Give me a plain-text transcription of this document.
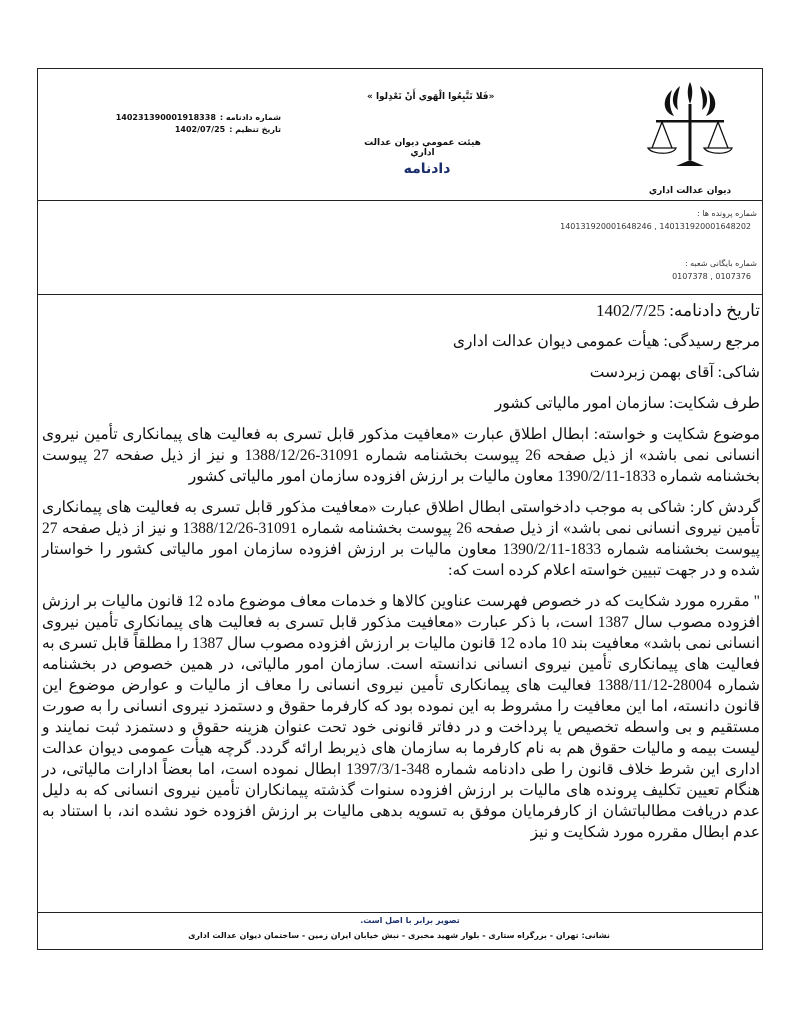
ديوان عدالت اداري
«فَلا تَتَّبِعُوا الْهَوي أَنْ تَعْدِلوا »
هيئت عمومي ديوان عدالت اداري
دادنامه
شماره دادنامه :
140231390001918338
تاريخ تنظيم :
1402/07/25
شماره پرونده ها :
140131920001648202 , 140131920001648246
شماره بایگانی شعبه :
0107376 , 0107378

تاریخ دادنامه: 1402/7/25

مرجع رسیدگی: هیأت عمومی دیوان عدالت اداری

شاکی: آقای بهمن زبردست

طرف شکایت: سازمان امور مالیاتی کشور

موضوع شکایت و خواسته: ابطال اطلاق عبارت «معافیت مذکور قابل تسری به فعالیت های پیمانکاری تأمین نیروی انسانی نمی باشد» از ذیل صفحه 26 پیوست بخشنامه شماره 31091-1388/12/26 و نیز از ذیل صفحه 27 پیوست بخشنامه شماره 1833-1390/2/11 معاون مالیات بر ارزش افزوده سازمان امور مالیاتی کشور

گردش کار: شاکی به موجب دادخواستی ابطال اطلاق عبارت «معافیت مذکور قابل تسری به فعالیت های پیمانکاری تأمین نیروی انسانی نمی باشد» از ذیل صفحه 26 پیوست بخشنامه شماره 31091-1388/12/26 و نیز از ذیل صفحه 27 پیوست بخشنامه شماره 1833-1390/2/11 معاون مالیات بر ارزش افزوده سازمان امور مالیاتی کشور را خواستار شده و در جهت تبیین خواسته اعلام کرده است که:

" مقرره مورد شکایت که در خصوص فهرست عناوین کالاها و خدمات معاف موضوع ماده 12 قانون مالیات بر ارزش افزوده مصوب سال 1387 است، با ذکر عبارت «معافیت مذکور قابل تسری به فعالیت های پیمانکاری تأمین نیروی انسانی نمی باشد» معافیت بند 10 ماده 12 قانون مالیات بر ارزش افزوده مصوب سال 1387 را مطلقاً قابل تسری به فعالیت های پیمانکاری تأمین نیروی انسانی ندانسته است. سازمان امور مالیاتی، در همین خصوص در بخشنامه شماره 28004-1388/11/12 فعالیت های پیمانکاری تأمین نیروی انسانی را معاف از مالیات و عوارض موضوع این قانون دانسته، اما این معافیت را مشروط به این نموده بود که کارفرما حقوق و دستمزد نیروی انسانی را به صورت مستقیم و بی واسطه تخصیص یا پرداخت و در دفاتر قانونی خود تحت عنوان هزینه حقوق و دستمزد ثبت نمایند و لیست بیمه و مالیات حقوق هم به نام کارفرما به سازمان های ذیربط ارائه گردد. گرچه هیأت عمومی دیوان عدالت اداری این شرط خلاف قانون را طی دادنامه شماره 348-1397/3/1 ابطال نموده است، اما بعضاً ادارات مالیاتی، در هنگام تعیین تکلیف پرونده های مالیات بر ارزش افزوده سنوات گذشته پیمانکاران تأمین نیروی انسانی که به دلیل عدم دریافت مطالباتشان از کارفرمایان موفق به تسویه بدهی مالیات بر ارزش افزوده خود نشده اند، با استناد به عدم ابطال مقرره مورد شکایت و نیز

تصویر برابر با اصل است.
نشانی: تهران - بزرگراه ستاری - بلوار شهید مخبری - نبش خیابان ایران زمین - ساختمان دیوان عدالت اداری
